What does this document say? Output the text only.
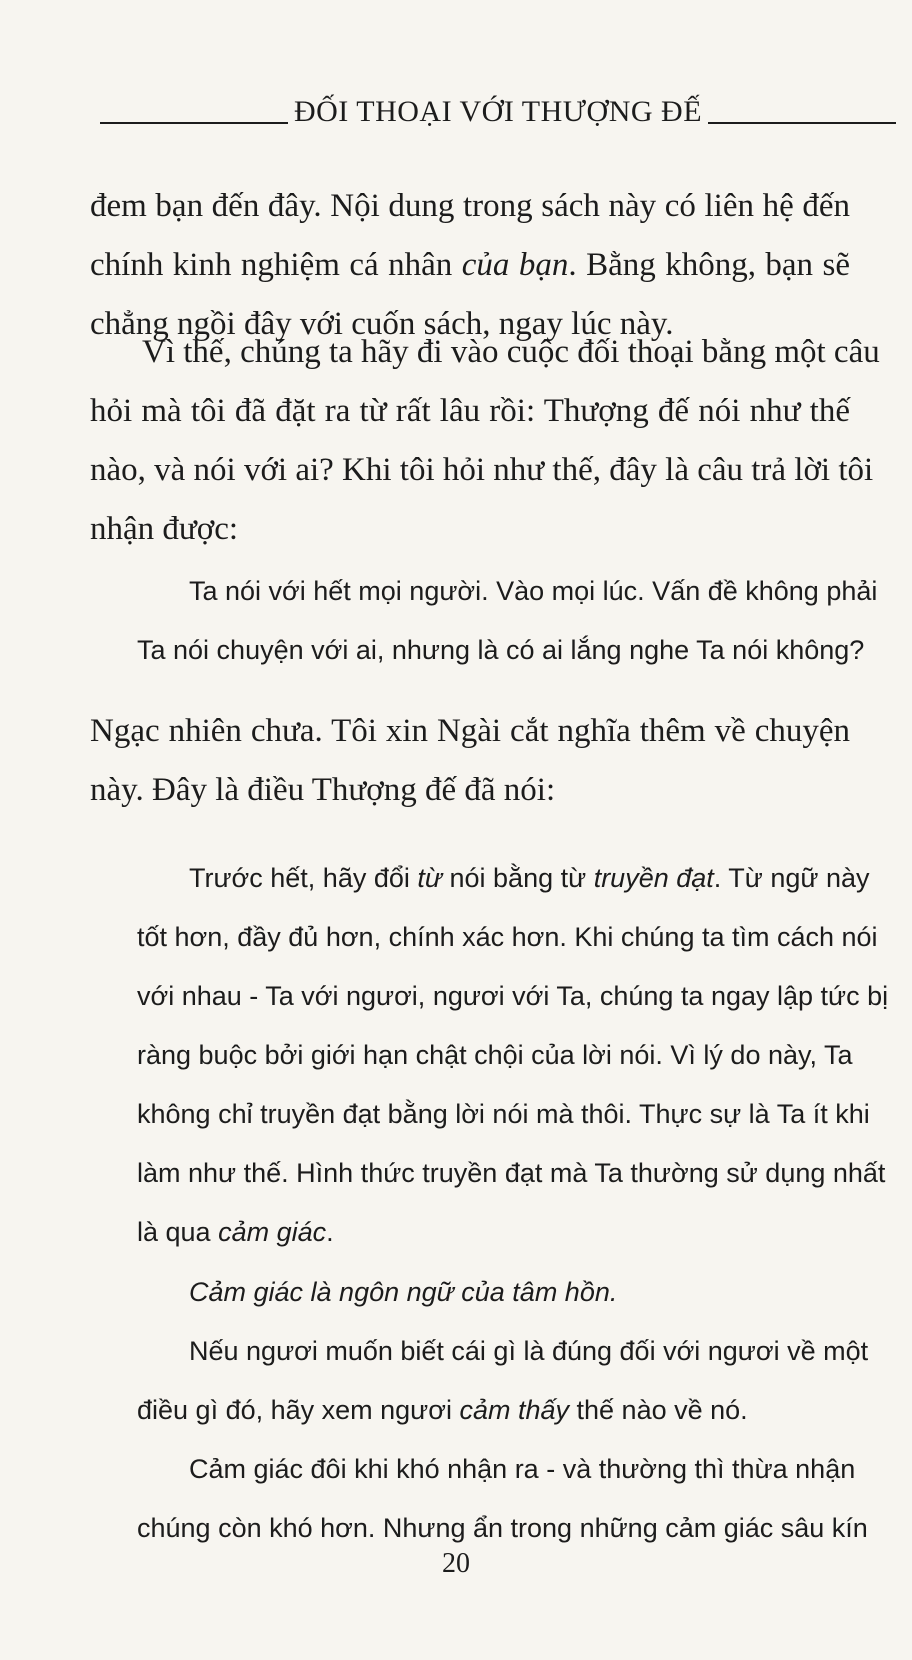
ĐỐI THOẠI VỚI THƯỢNG ĐẾ
đem bạn đến đây. Nội dung trong sách này có liên hệ đến
chính kinh nghiệm cá nhân của bạn. Bằng không, bạn sẽ
chẳng ngồi đây với cuốn sách, ngay lúc này.
Vì thế, chúng ta hãy đi vào cuộc đối thoại bằng một câu
hỏi mà tôi đã đặt ra từ rất lâu rồi: Thượng đế nói như thế
nào, và nói với ai? Khi tôi hỏi như thế, đây là câu trả lời tôi
nhận được:
Ta nói với hết mọi người. Vào mọi lúc. Vấn đề không phải
Ta nói chuyện với ai, nhưng là có ai lắng nghe Ta nói không?
Ngạc nhiên chưa. Tôi xin Ngài cắt nghĩa thêm về chuyện
này. Đây là điều Thượng đế đã nói:
Trước hết, hãy đổi từ nói bằng từ truyền đạt. Từ ngữ này
tốt hơn, đầy đủ hơn, chính xác hơn. Khi chúng ta tìm cách nói
với nhau - Ta với ngươi, ngươi với Ta, chúng ta ngay lập tức bị
ràng buộc bởi giới hạn chật chội của lời nói. Vì lý do này, Ta
không chỉ truyền đạt bằng lời nói mà thôi. Thực sự là Ta ít khi
làm như thế. Hình thức truyền đạt mà Ta thường sử dụng nhất
là qua cảm giác.
Cảm giác là ngôn ngữ của tâm hồn.
Nếu ngươi muốn biết cái gì là đúng đối với ngươi về một
điều gì đó, hãy xem ngươi cảm thấy thế nào về nó.
Cảm giác đôi khi khó nhận ra - và thường thì thừa nhận
chúng còn khó hơn. Nhưng ẩn trong những cảm giác sâu kín
20
